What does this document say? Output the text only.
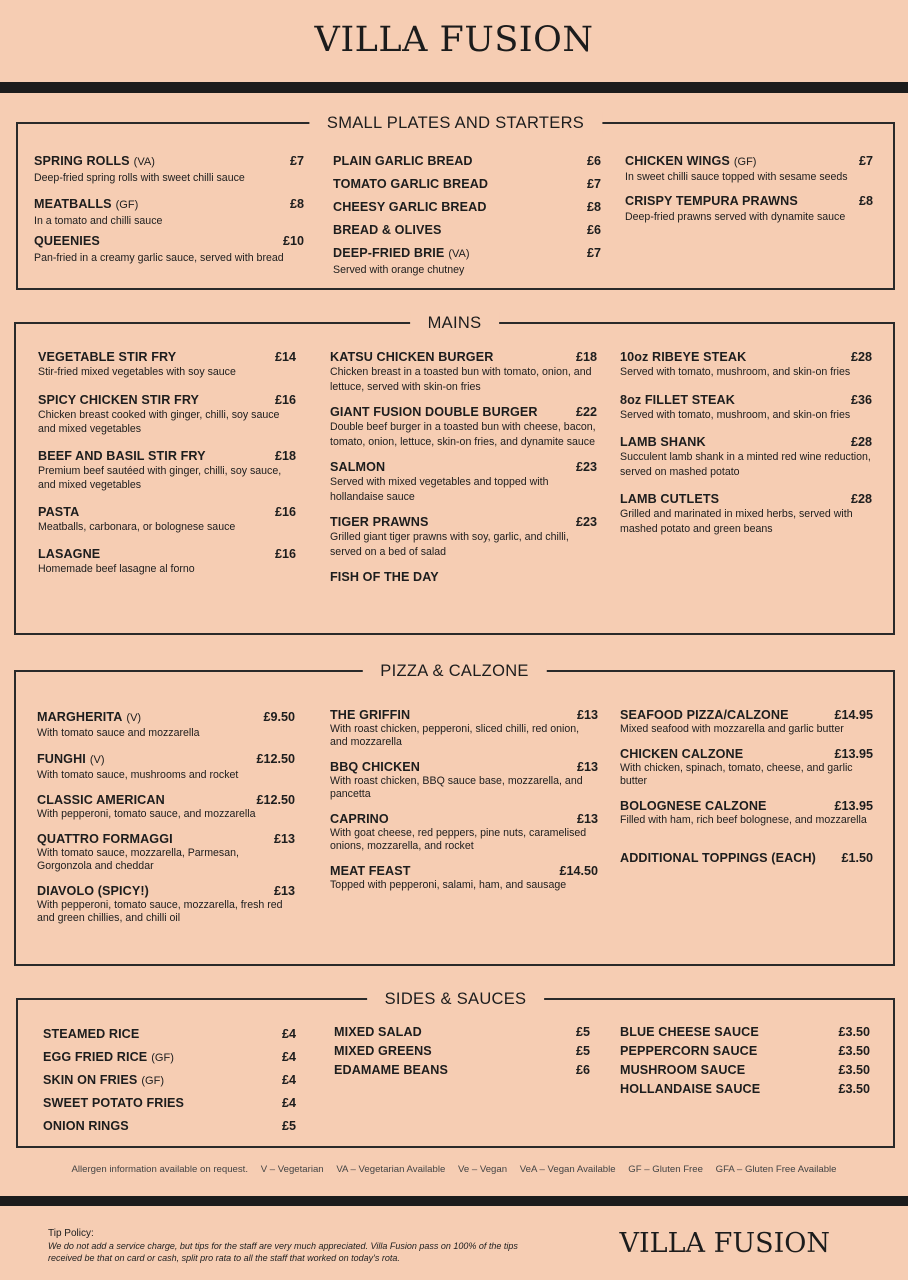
VILLA FUSION
SMALL PLATES AND STARTERS
SPRING ROLLS (VA)	£7
Deep-fried spring rolls with sweet chilli sauce
MEATBALLS (GF)	£8
In a tomato and chilli sauce
QUEENIES	£10
Pan-fried in a creamy garlic sauce, served with bread
PLAIN GARLIC BREAD	£6
TOMATO GARLIC BREAD	£7
CHEESY GARLIC BREAD	£8
BREAD & OLIVES	£6
DEEP-FRIED BRIE (VA)	£7
Served with orange chutney
CHICKEN WINGS (GF)	£7
In sweet chilli sauce topped with sesame seeds
CRISPY TEMPURA PRAWNS	£8
Deep-fried prawns served with dynamite sauce
MAINS
VEGETABLE STIR FRY	£14
Stir-fried mixed vegetables with soy sauce
SPICY CHICKEN STIR FRY	£16
Chicken breast cooked with ginger, chilli, soy sauce and mixed vegetables
BEEF AND BASIL STIR FRY	£18
Premium beef sautéed with ginger, chilli, soy sauce, and mixed vegetables
PASTA	£16
Meatballs, carbonara, or bolognese sauce
LASAGNE	£16
Homemade beef lasagne al forno
KATSU CHICKEN BURGER	£18
Chicken breast in a toasted bun with tomato, onion, and lettuce, served with skin-on fries
GIANT FUSION DOUBLE BURGER	£22
Double beef burger in a toasted bun with cheese, bacon, tomato, onion, lettuce, skin-on fries, and dynamite sauce
SALMON	£23
Served with mixed vegetables and topped with hollandaise sauce
TIGER PRAWNS	£23
Grilled giant tiger prawns with soy, garlic, and chilli, served on a bed of salad
FISH OF THE DAY
10oz RIBEYE STEAK	£28
Served with tomato, mushroom, and skin-on fries
8oz FILLET STEAK	£36
Served with tomato, mushroom, and skin-on fries
LAMB SHANK	£28
Succulent lamb shank in a minted red wine reduction, served on mashed potato
LAMB CUTLETS	£28
Grilled and marinated in mixed herbs, served with mashed potato and green beans
PIZZA & CALZONE
MARGHERITA (V)	£9.50
With tomato sauce and mozzarella
FUNGHI (V)	£12.50
With tomato sauce, mushrooms and rocket
CLASSIC AMERICAN	£12.50
With pepperoni, tomato sauce, and mozzarella
QUATTRO FORMAGGI	£13
With tomato sauce, mozzarella, Parmesan, Gorgonzola and cheddar
DIAVOLO (SPICY!)	£13
With pepperoni, tomato sauce, mozzarella, fresh red and green chillies, and chilli oil
THE GRIFFIN	£13
With roast chicken, pepperoni, sliced chilli, red onion, and mozzarella
BBQ CHICKEN	£13
With roast chicken, BBQ sauce base, mozzarella, and pancetta
CAPRINO	£13
With goat cheese, red peppers, pine nuts, caramelised onions, mozzarella, and rocket
MEAT FEAST	£14.50
Topped with pepperoni, salami, ham, and sausage
SEAFOOD PIZZA/CALZONE	£14.95
Mixed seafood with mozzarella and garlic butter
CHICKEN CALZONE	£13.95
With chicken, spinach, tomato, cheese, and garlic butter
BOLOGNESE CALZONE	£13.95
Filled with ham, rich beef bolognese, and mozzarella
ADDITIONAL TOPPINGS (EACH) £1.50
SIDES & SAUCES
STEAMED RICE	£4
EGG FRIED RICE (GF)	£4
SKIN ON FRIES (GF)	£4
SWEET POTATO FRIES	£4
ONION RINGS	£5
MIXED SALAD	£5
MIXED GREENS	£5
EDAMAME BEANS	£6
BLUE CHEESE SAUCE	£3.50
PEPPERCORN SAUCE	£3.50
MUSHROOM SAUCE	£3.50
HOLLANDAISE SAUCE	£3.50
Allergen information available on request. V – Vegetarian VA – Vegetarian Available Ve – Vegan VeA – Vegan Available GF – Gluten Free GFA – Gluten Free Available
Tip Policy:
We do not add a service charge, but tips for the staff are very much appreciated. Villa Fusion pass on 100% of the tips received be that on card or cash, split pro rata to all the staff that worked on today's rota.	VILLA FUSION
